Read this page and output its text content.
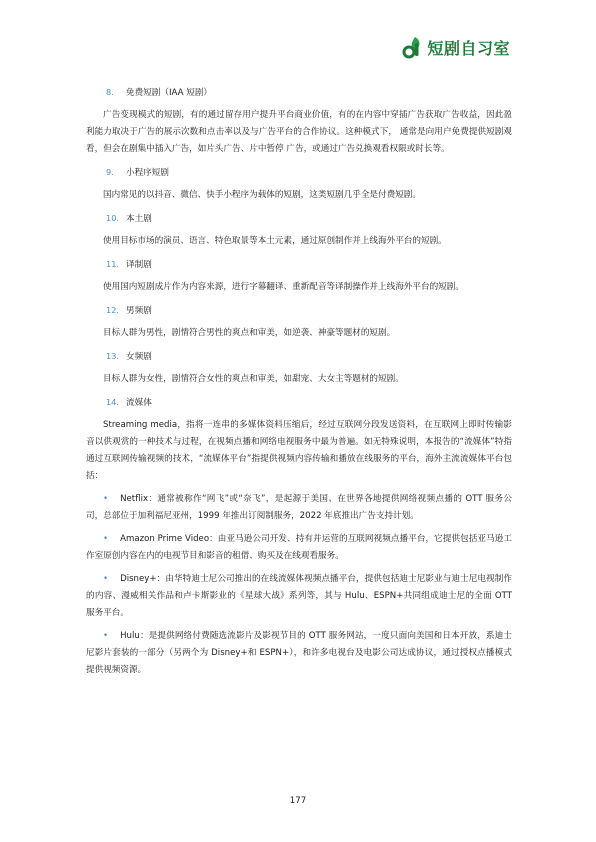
短剧自习室
8. 免费短剧（IAA 短剧）
广告变现模式的短剧，有的通过留存用户提升平台商业价值，有的在内容中穿插广告获取广告收益，因此盈利能力取决于广告的展示次数和点击率以及与广告平台的合作协议。这种模式下， 通常是向用户免费提供短剧观看，但会在剧集中插入广告，如片头广告、片中暂停 广告，或通过广告兑换观看权限或时长等。
9. 小程序短剧
国内常见的以抖音、微信、快手小程序为载体的短剧，这类短剧几乎全是付费短剧。
10. 本土剧
使用目标市场的演员、语言、特色取景等本土元素，通过原创制作并上线海外平台的短剧。
11. 译制剧
使用国内短剧成片作为内容来源，进行字幕翻译、重新配音等译制操作并上线海外平台的短剧。
12. 男频剧
目标人群为男性，剧情符合男性的爽点和审美，如逆袭、神豪等题材的短剧。
13. 女频剧
目标人群为女性，剧情符合女性的爽点和审美，如甜宠、大女主等题材的短剧。
14. 流媒体
Streaming media，指将一连串的多媒体资料压缩后，经过互联网分段发送资料，在互联网上即时传输影音以供观赏的一种技术与过程，在视频点播和网络电视服务中最为普遍。如无特殊说明，本报告的“流媒体”特指通过互联网传输视频的技术，“流媒体平台”指提供视频内容传输和播放在线服务的平台，海外主流流媒体平台包括：
• Netflix：通常被称作“网飞”或“奈飞”，是起源于美国、在世界各地提供网络视频点播的 OTT 服务公司，总部位于加利福尼亚州，1999 年推出订阅制服务，2022 年底推出广告支持计划。
• Amazon Prime Video：由亚马逊公司开发、持有并运营的互联网视频点播平台，它提供包括亚马逊工作室原创内容在内的电视节目和影音的租借、购买及在线观看服务。
• Disney+：由华特迪士尼公司推出的在线流媒体视频点播平台，提供包括迪士尼影业与迪士尼电视制作的内容、漫威相关作品和卢卡斯影业的《星球大战》系列等，其与 Hulu、ESPN+共同组成迪士尼的全面 OTT 服务平台。
• Hulu：是提供网络付费随选流影片及影视节目的 OTT 服务网站，一度只面向美国和日本开放，系迪士尼影片套装的一部分（另两个为 Disney+和 ESPN+），和许多电视台及电影公司达成协议，通过授权点播模式提供视频资源。
177
